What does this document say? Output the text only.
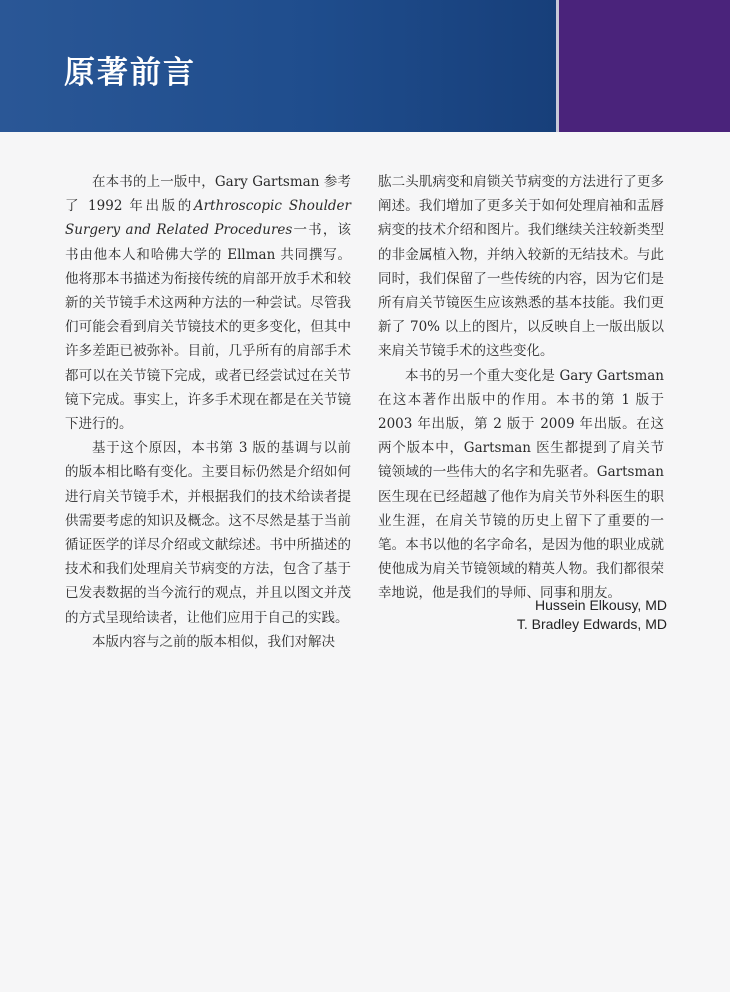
原著前言

在本书的上一版中，Gary Gartsman 参考了 1992 年出版的Arthroscopic Shoulder Surgery and Related Procedures一书，该书由他本人和哈佛大学的 Ellman 共同撰写。他将那本书描述为衔接传统的肩部开放手术和较新的关节镜手术这两种方法的一种尝试。尽管我们可能会看到肩关节镜技术的更多变化，但其中许多差距已被弥补。目前，几乎所有的肩部手术都可以在关节镜下完成，或者已经尝试过在关节镜下完成。事实上，许多手术现在都是在关节镜下进行的。

基于这个原因，本书第 3 版的基调与以前的版本相比略有变化。主要目标仍然是介绍如何进行肩关节镜手术，并根据我们的技术给读者提供需要考虑的知识及概念。这不尽然是基于当前循证医学的详尽介绍或文献综述。书中所描述的技术和我们处理肩关节病变的方法，包含了基于已发表数据的当今流行的观点，并且以图文并茂的方式呈现给读者，让他们应用于自己的实践。

本版内容与之前的版本相似，我们对解决

肱二头肌病变和肩锁关节病变的方法进行了更多阐述。我们增加了更多关于如何处理肩袖和盂唇病变的技术介绍和图片。我们继续关注较新类型的非金属植入物，并纳入较新的无结技术。与此同时，我们保留了一些传统的内容，因为它们是所有肩关节镜医生应该熟悉的基本技能。我们更新了 70% 以上的图片，以反映自上一版出版以来肩关节镜手术的这些变化。

本书的另一个重大变化是 Gary Gartsman 在这本著作出版中的作用。本书的第 1 版于 2003 年出版，第 2 版于 2009 年出版。在这两个版本中，Gartsman 医生都提到了肩关节镜领域的一些伟大的名字和先驱者。Gartsman 医生现在已经超越了他作为肩关节外科医生的职业生涯，在肩关节镜的历史上留下了重要的一笔。本书以他的名字命名，是因为他的职业成就使他成为肩关节镜领域的精英人物。我们都很荣幸地说，他是我们的导师、同事和朋友。

Hussein Elkousy, MD
T. Bradley Edwards, MD
